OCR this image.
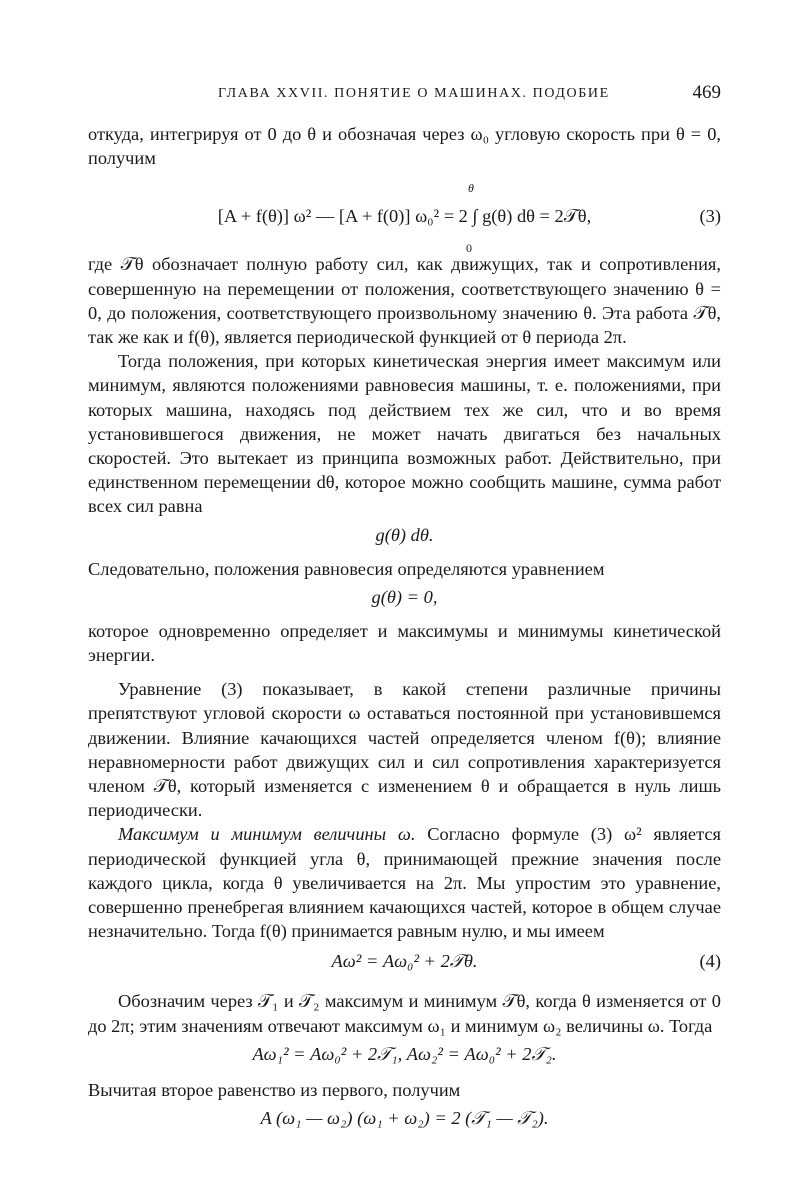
ГЛАВА XXVII. ПОНЯТИЕ О МАШИНАХ. ПОДОБИЕ	469

откуда, интегрируя от 0 до θ и обозначая через ω₀ угловую скорость при θ = 0, получим

θ
[A + f(θ)] ω² — [A + f(0)] ω₀² = 2 ∫ g(θ) dθ = 2𝒯θ,
0
(3)

где 𝒯θ обозначает полную работу сил, как движущих, так и сопротивления, совершенную на перемещении от положения, соответствующего значению θ = 0, до положения, соответствующего произвольному значению θ. Эта работа 𝒯θ, так же как и f(θ), является периодической функцией от θ периода 2π.

Тогда положения, при которых кинетическая энергия имеет максимум или минимум, являются положениями равновесия машины, т. е. положениями, при которых машина, находясь под действием тех же сил, что и во время установившегося движения, не может начать двигаться без начальных скоростей. Это вытекает из принципа возможных работ. Действительно, при единственном перемещении dθ, которое можно сообщить машине, сумма работ всех сил равна

g(θ) dθ.

Следовательно, положения равновесия определяются уравнением

g(θ) = 0,

которое одновременно определяет и максимумы и минимумы кинетической энергии.

Уравнение (3) показывает, в какой степени различные причины препятствуют угловой скорости ω оставаться постоянной при установившемся движении. Влияние качающихся частей определяется членом f(θ); влияние неравномерности работ движущих сил и сил сопротивления характеризуется членом 𝒯θ, который изменяется с изменением θ и обращается в нуль лишь периодически.

Максимум и минимум величины ω. Согласно формуле (3) ω² является периодической функцией угла θ, принимающей прежние значения после каждого цикла, когда θ увеличивается на 2π. Мы упростим это уравнение, совершенно пренебрегая влиянием качающихся частей, которое в общем случае незначительно. Тогда f(θ) принимается равным нулю, и мы имеем

Aω² = Aω₀² + 2𝒯θ.	(4)

Обозначим через 𝒯₁ и 𝒯₂ максимум и минимум 𝒯θ, когда θ изменяется от 0 до 2π; этим значениям отвечают максимум ω₁ и минимум ω₂ величины ω. Тогда

Aω₁² = Aω₀² + 2𝒯₁, Aω₂² = Aω₀² + 2𝒯₂.

Вычитая второе равенство из первого, получим

A (ω₁ — ω₂) (ω₁ + ω₂) = 2 (𝒯₁ — 𝒯₂).
